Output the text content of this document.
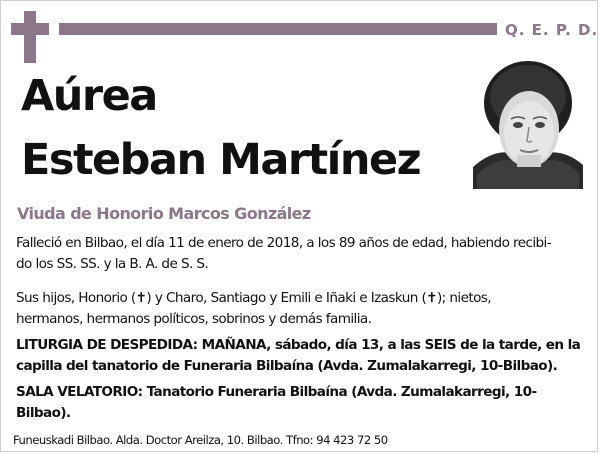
Q. E. P. D.
Aúrea
Esteban Martínez
Viuda de Honorio Marcos González
Falleció en Bilbao, el día 11 de enero de 2018, a los 89 años de edad, habiendo recibi-
do los SS. SS. y la B. A. de S. S.
Sus hijos, Honorio (✝) y Charo, Santiago y Emili e Iñaki e Izaskun (✝); nietos,
hermanos, hermanos políticos, sobrinos y demás familia.
LITURGIA DE DESPEDIDA: MAÑANA, sábado, día 13, a las SEIS de la tarde, en la
capilla del tanatorio de Funeraria Bilbaína (Avda. Zumalakarregi, 10-Bilbao).
SALA VELATORIO: Tanatorio Funeraria Bilbaína (Avda. Zumalakarregi, 10-
Bilbao).
Funeuskadi Bilbao. Alda. Doctor Areilza, 10. Bilbao. Tfno: 94 423 72 50
